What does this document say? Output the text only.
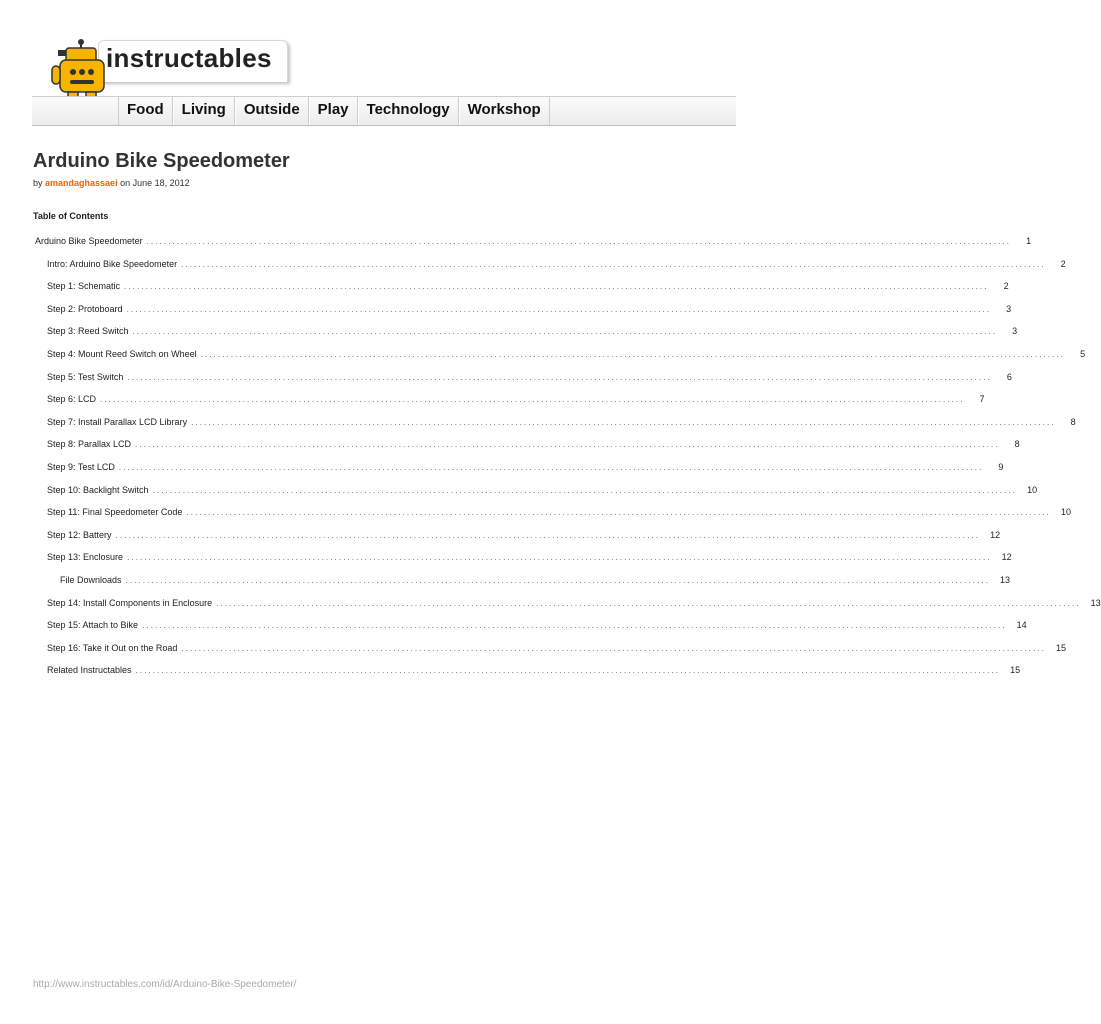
instructables
Food	Living	Outside	Play	Technology	Workshop
Arduino Bike Speedometer
by amandaghassaei on June 18, 2012
Table of Contents
Arduino Bike Speedometer ........................................................................................................................................................................................................	1
Intro: Arduino Bike Speedometer ........................................................................................................................................................................................................	2
Step 1: Schematic ........................................................................................................................................................................................................	2
Step 2: Protoboard ........................................................................................................................................................................................................	3
Step 3: Reed Switch ........................................................................................................................................................................................................	3
Step 4: Mount Reed Switch on Wheel ........................................................................................................................................................................................................	5
Step 5: Test Switch ........................................................................................................................................................................................................	6
Step 6: LCD ........................................................................................................................................................................................................	7
Step 7: Install Parallax LCD Library ........................................................................................................................................................................................................	8
Step 8: Parallax LCD ........................................................................................................................................................................................................	8
Step 9: Test LCD ........................................................................................................................................................................................................	9
Step 10: Backlight Switch ........................................................................................................................................................................................................	10
Step 11: Final Speedometer Code ........................................................................................................................................................................................................	10
Step 12: Battery ........................................................................................................................................................................................................	12
Step 13: Enclosure ........................................................................................................................................................................................................	12
File Downloads ........................................................................................................................................................................................................	13
Step 14: Install Components in Enclosure ........................................................................................................................................................................................................	13
Step 15: Attach to Bike ........................................................................................................................................................................................................	14
Step 16: Take it Out on the Road ........................................................................................................................................................................................................	15
Related Instructables ........................................................................................................................................................................................................	15
http://www.instructables.com/id/Arduino-Bike-Speedometer/
